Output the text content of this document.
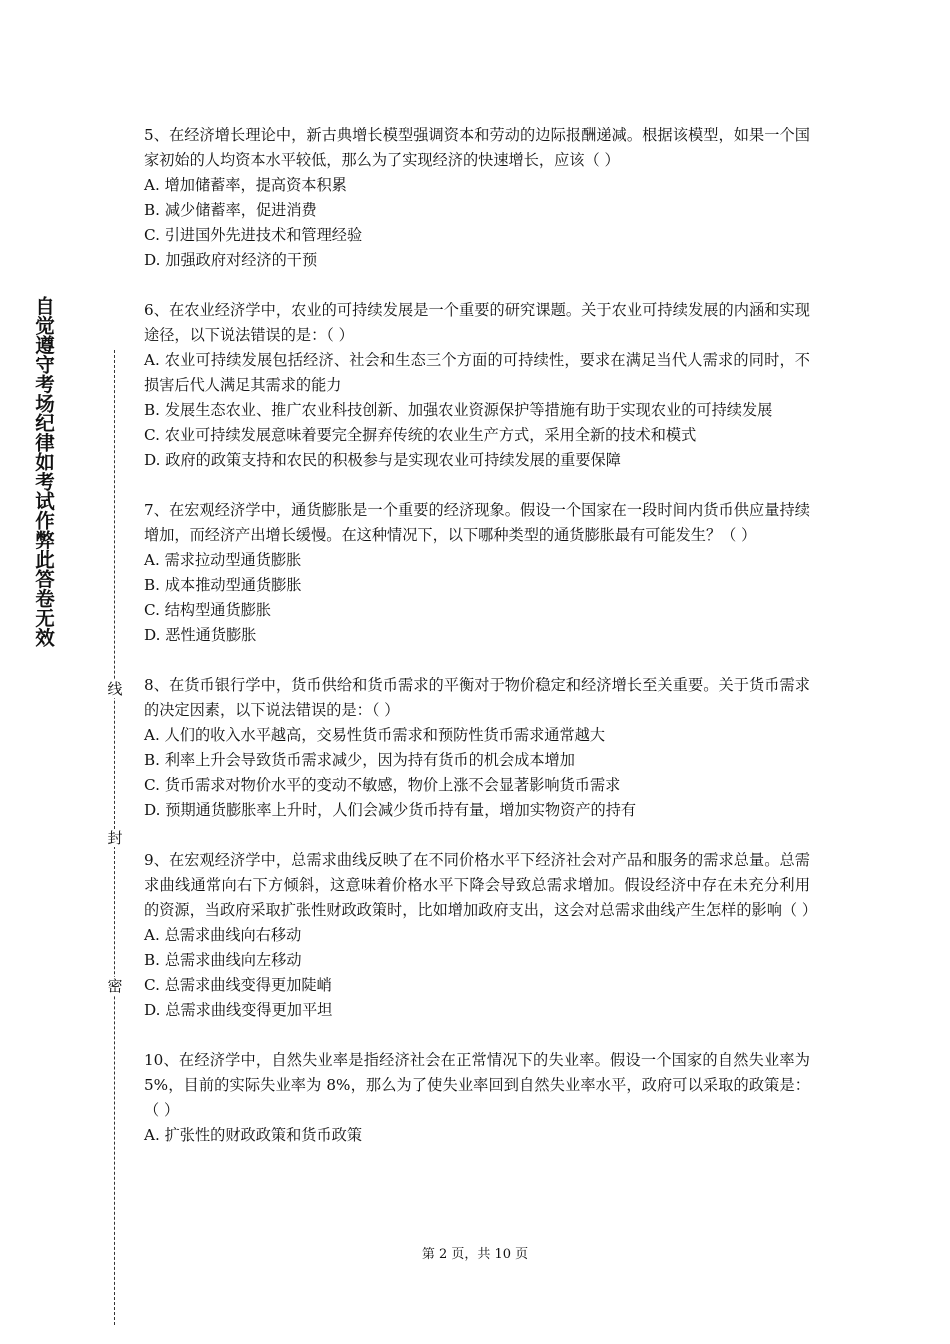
自觉遵守考场纪律如考试作弊此答卷无效
线
封
密

5、在经济增长理论中，新古典增长模型强调资本和劳动的边际报酬递减。根据该模型，如果一个国家初始的人均资本水平较低，那么为了实现经济的快速增长，应该（ ）

A. 增加储蓄率，提高资本积累

B. 减少储蓄率，促进消费

C. 引进国外先进技术和管理经验

D. 加强政府对经济的干预

6、在农业经济学中，农业的可持续发展是一个重要的研究课题。关于农业可持续发展的内涵和实现途径，以下说法错误的是：（ ）

A. 农业可持续发展包括经济、社会和生态三个方面的可持续性，要求在满足当代人需求的同时，不损害后代人满足其需求的能力

B. 发展生态农业、推广农业科技创新、加强农业资源保护等措施有助于实现农业的可持续发展

C. 农业可持续发展意味着要完全摒弃传统的农业生产方式，采用全新的技术和模式

D. 政府的政策支持和农民的积极参与是实现农业可持续发展的重要保障

7、在宏观经济学中，通货膨胀是一个重要的经济现象。假设一个国家在一段时间内货币供应量持续增加，而经济产出增长缓慢。在这种情况下，以下哪种类型的通货膨胀最有可能发生？（ ）

A. 需求拉动型通货膨胀

B. 成本推动型通货膨胀

C. 结构型通货膨胀

D. 恶性通货膨胀

8、在货币银行学中，货币供给和货币需求的平衡对于物价稳定和经济增长至关重要。关于货币需求的决定因素，以下说法错误的是：（ ）

A. 人们的收入水平越高，交易性货币需求和预防性货币需求通常越大

B. 利率上升会导致货币需求减少，因为持有货币的机会成本增加

C. 货币需求对物价水平的变动不敏感，物价上涨不会显著影响货币需求

D. 预期通货膨胀率上升时，人们会减少货币持有量，增加实物资产的持有

9、在宏观经济学中，总需求曲线反映了在不同价格水平下经济社会对产品和服务的需求总量。总需求曲线通常向右下方倾斜，这意味着价格水平下降会导致总需求增加。假设经济中存在未充分利用的资源，当政府采取扩张性财政政策时，比如增加政府支出，这会对总需求曲线产生怎样的影响（ ）

A. 总需求曲线向右移动

B. 总需求曲线向左移动

C. 总需求曲线变得更加陡峭

D. 总需求曲线变得更加平坦

10、在经济学中，自然失业率是指经济社会在正常情况下的失业率。假设一个国家的自然失业率为 5%，目前的实际失业率为 8%，那么为了使失业率回到自然失业率水平，政府可以采取的政策是：（ ）

A. 扩张性的财政政策和货币政策

第 2 页，共 10 页
